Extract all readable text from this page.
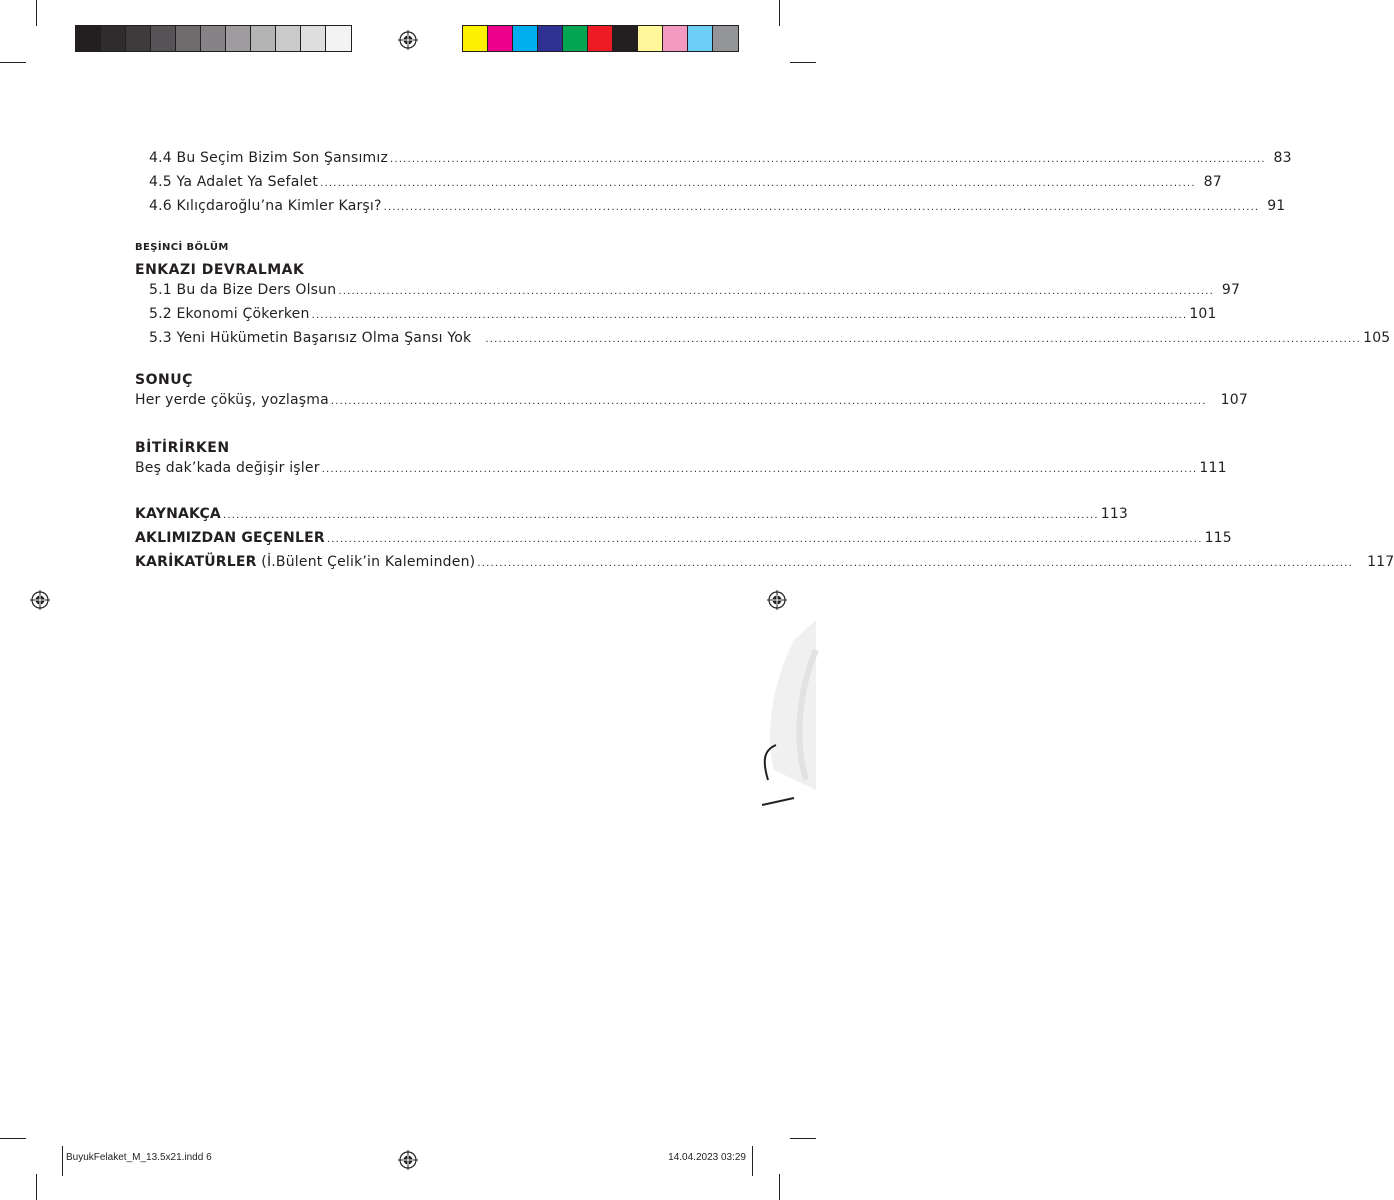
4.4 Bu Seçim Bizim Son Şansımız ........................................................................................................................................................................................................ 83
4.5 Ya Adalet Ya Sefalet ........................................................................................................................................................................................................ 87
4.6 Kılıçdaroğlu’na Kimler Karşı? ........................................................................................................................................................................................................ 91
BEŞİNCİ BÖLÜM
ENKAZI DEVRALMAK
5.1 Bu da Bize Ders Olsun ........................................................................................................................................................................................................ 97
5.2 Ekonomi Çökerken ........................................................................................................................................................................................................ 101
5.3 Yeni Hükümetin Başarısız Olma Şansı Yok ........................................................................................................................................................................................................ 105
SONUÇ
Her yerde çöküş, yozlaşma ........................................................................................................................................................................................................ 107
BİTİRİRKEN
Beş dak’kada değişir işler ........................................................................................................................................................................................................ 111
KAYNAKÇA ........................................................................................................................................................................................................ 113
AKLIMIZDAN GEÇENLER ........................................................................................................................................................................................................ 115
KARİKATÜRLER (İ.Bülent Çelik’in Kaleminden) ........................................................................................................................................................................................................ 117
BuyukFelaket_M_13.5x21.indd 6	14.04.2023 03:29
